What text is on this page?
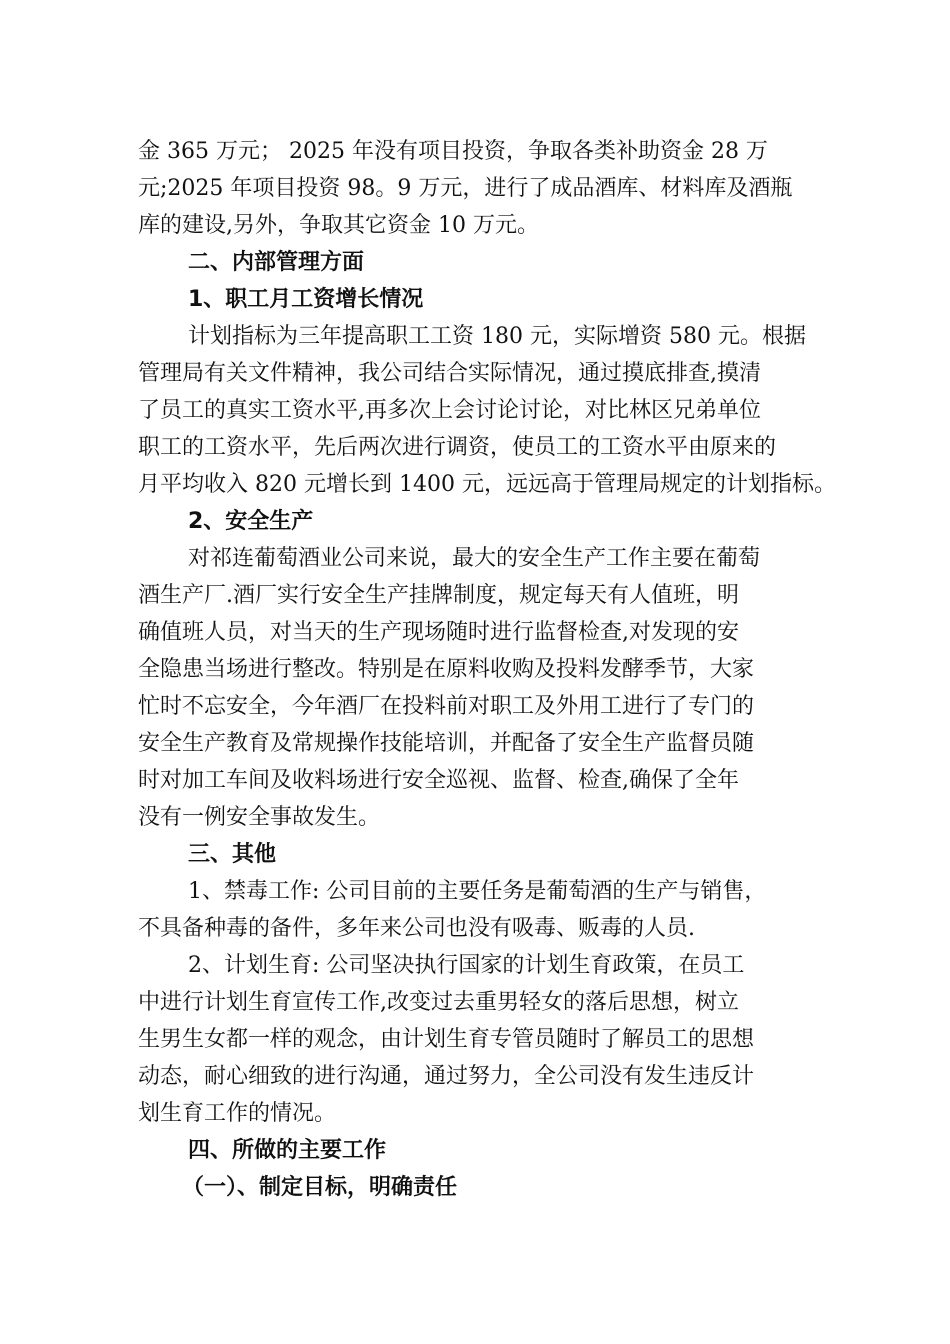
金 365 万元； 2025 年没有项目投资，争取各类补助资金 28 万
元;2025 年项目投资 98。9 万元，进行了成品酒库、材料库及酒瓶
库的建设,另外，争取其它资金 10 万元。
二、内部管理方面
1、职工月工资增长情况
计划指标为三年提高职工工资 180 元，实际增资 580 元。根据
管理局有关文件精神，我公司结合实际情况，通过摸底排查,摸清
了员工的真实工资水平,再多次上会讨论讨论，对比林区兄弟单位
职工的工资水平，先后两次进行调资，使员工的工资水平由原来的
月平均收入 820 元增长到 1400 元，远远高于管理局规定的计划指标。
2、安全生产
对祁连葡萄酒业公司来说，最大的安全生产工作主要在葡萄
酒生产厂.酒厂实行安全生产挂牌制度，规定每天有人值班，明
确值班人员，对当天的生产现场随时进行监督检查,对发现的安
全隐患当场进行整改。特别是在原料收购及投料发酵季节，大家
忙时不忘安全，今年酒厂在投料前对职工及外用工进行了专门的
安全生产教育及常规操作技能培训，并配备了安全生产监督员随
时对加工车间及收料场进行安全巡视、监督、检查,确保了全年
没有一例安全事故发生。
三、其他
1、禁毒工作: 公司目前的主要任务是葡萄酒的生产与销售，
不具备种毒的备件，多年来公司也没有吸毒、贩毒的人员.
2、计划生育: 公司坚决执行国家的计划生育政策，在员工
中进行计划生育宣传工作,改变过去重男轻女的落后思想，树立
生男生女都一样的观念，由计划生育专管员随时了解员工的思想
动态，耐心细致的进行沟通，通过努力，全公司没有发生违反计
划生育工作的情况。
四、所做的主要工作
（一）、制定目标，明确责任
